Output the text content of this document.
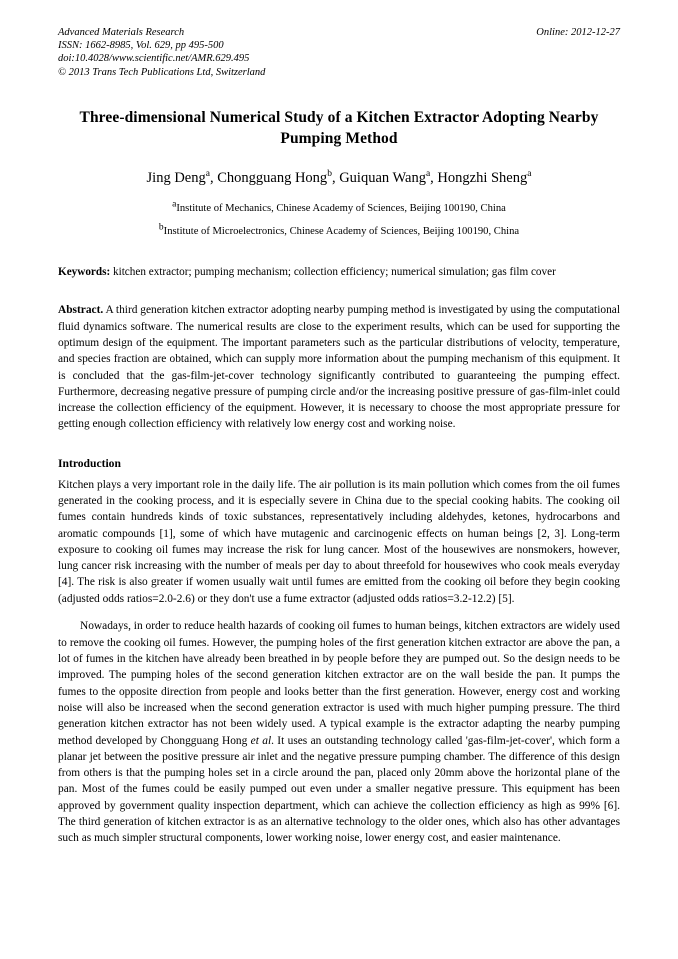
Advanced Materials Research
ISSN: 1662-8985, Vol. 629, pp 495-500
doi:10.4028/www.scientific.net/AMR.629.495
© 2013 Trans Tech Publications Ltd, Switzerland
Online: 2012-12-27
Three-dimensional Numerical Study of a Kitchen Extractor Adopting Nearby Pumping Method
Jing Deng$^a$, Chongguang Hong$^b$, Guiquan Wang$^a$, Hongzhi Sheng$^a$
$^a$Institute of Mechanics, Chinese Academy of Sciences, Beijing 100190, China
$^b$Institute of Microelectronics, Chinese Academy of Sciences, Beijing 100190, China
Keywords: kitchen extractor; pumping mechanism; collection efficiency; numerical simulation; gas film cover
Abstract. A third generation kitchen extractor adopting nearby pumping method is investigated by using the computational fluid dynamics software. The numerical results are close to the experiment results, which can be used for supporting the optimum design of the equipment. The important parameters such as the particular distributions of velocity, temperature, and species fraction are obtained, which can supply more information about the pumping mechanism of this equipment. It is concluded that the gas-film-jet-cover technology significantly contributed to guaranteeing the pumping effect. Furthermore, decreasing negative pressure of pumping circle and/or the increasing positive pressure of gas-film-inlet could increase the collection efficiency of the equipment. However, it is necessary to choose the most appropriate pressure for getting enough collection efficiency with relatively low energy cost and working noise.
Introduction

Kitchen plays a very important role in the daily life. The air pollution is its main pollution which comes from the oil fumes generated in the cooking process, and it is especially severe in China due to the special cooking habits. The cooking oil fumes contain hundreds kinds of toxic substances, representatively including aldehydes, ketones, hydrocarbons and aromatic compounds [1], some of which have mutagenic and carcinogenic effects on human beings [2, 3]. Long-term exposure to cooking oil fumes may increase the risk for lung cancer. Most of the housewives are nonsmokers, however, lung cancer risk increasing with the number of meals per day to about threefold for housewives who cook meals everyday [4]. The risk is also greater if women usually wait until fumes are emitted from the cooking oil before they begin cooking (adjusted odds ratios=2.0-2.6) or they don't use a fume extractor (adjusted odds ratios=3.2-12.2) [5].

Nowadays, in order to reduce health hazards of cooking oil fumes to human beings, kitchen extractors are widely used to remove the cooking oil fumes. However, the pumping holes of the first generation kitchen extractor are above the pan, a lot of fumes in the kitchen have already been breathed in by people before they are pumped out. So the design needs to be improved. The pumping holes of the second generation kitchen extractor are on the wall beside the pan. It pumps the fumes to the opposite direction from people and looks better than the first generation. However, energy cost and working noise will also be increased when the second generation extractor is used with much higher pumping pressure. The third generation kitchen extractor has not been widely used. A typical example is the extractor adapting the nearby pumping method developed by Chongguang Hong et al. It uses an outstanding technology called 'gas-film-jet-cover', which form a planar jet between the positive pressure air inlet and the negative pressure pumping chamber. The difference of this design from others is that the pumping holes set in a circle around the pan, placed only 20mm above the horizontal plane of the pan. Most of the fumes could be easily pumped out even under a smaller negative pressure. This equipment has been approved by government quality inspection department, which can achieve the collection efficiency as high as 99% [6]. The third generation of kitchen extractor is as an alternative technology to the older ones, which also has other advantages such as much simpler structural components, lower working noise, lower energy cost, and easier maintenance.
